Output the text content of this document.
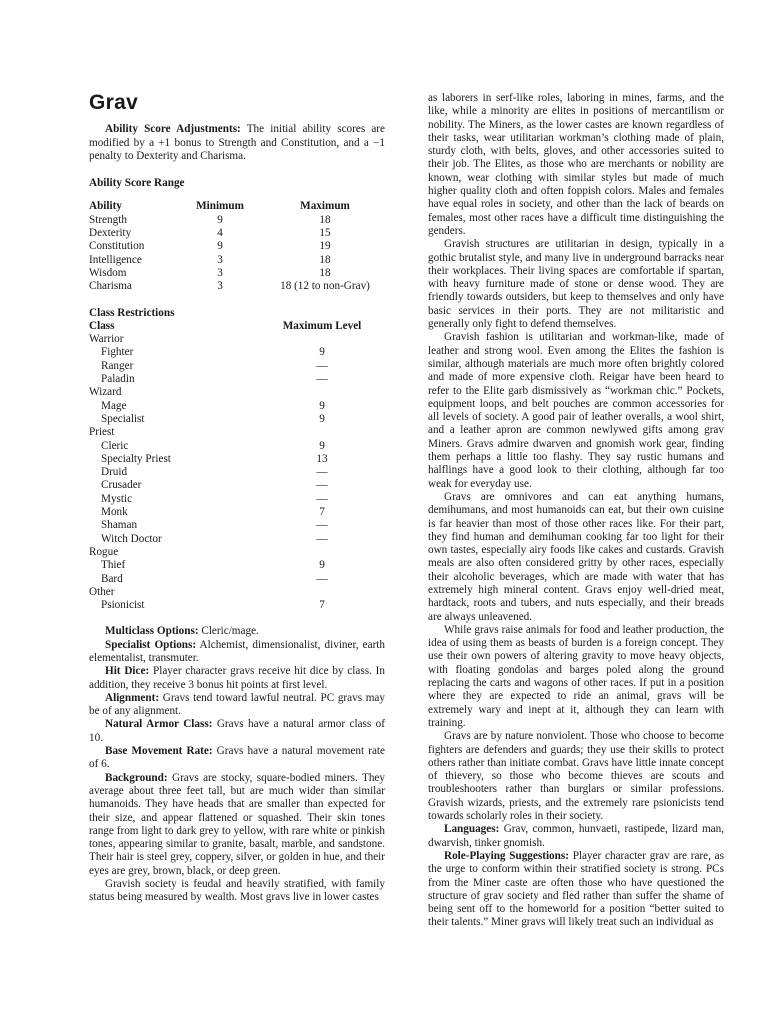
Grav

Ability Score Adjustments: The initial ability scores are modified by a +1 bonus to Strength and Constitution, and a −1 penalty to Dexterity and Charisma.

Ability Score Range
Ability	Minimum	Maximum
Strength	9	18
Dexterity	4	15
Constitution	9	19
Intelligence	3	18
Wisdom	3	18
Charisma	3	18 (12 to non-Grav)
Class Restrictions
Class	Maximum Level
Warrior	
Fighter	9
Ranger	—
Paladin	—
Wizard	
Mage	9
Specialist	9
Priest	
Cleric	9
Specialty Priest	13
Druid	—
Crusader	—
Mystic	—
Monk	7
Shaman	—
Witch Doctor	—
Rogue	
Thief	9
Bard	—
Other	
Psionicist	7

Multiclass Options: Cleric/mage.

Specialist Options: Alchemist, dimensionalist, diviner, earth elementalist, transmuter.

Hit Dice: Player character gravs receive hit dice by class. In addition, they receive 3 bonus hit points at first level.

Alignment: Gravs tend toward lawful neutral. PC gravs may be of any alignment.

Natural Armor Class: Gravs have a natural armor class of 10.

Base Movement Rate: Gravs have a natural movement rate of 6.

Background: Gravs are stocky, square-bodied miners. They average about three feet tall, but are much wider than similar humanoids. They have heads that are smaller than expected for their size, and appear flattened or squashed. Their skin tones range from light to dark grey to yellow, with rare white or pinkish tones, appearing similar to granite, basalt, marble, and sandstone. Their hair is steel grey, coppery, silver, or golden in hue, and their eyes are grey, brown, black, or deep green.

Gravish society is feudal and heavily stratified, with family status being measured by wealth. Most gravs live in lower castes

as laborers in serf-like roles, laboring in mines, farms, and the like, while a minority are elites in positions of mercantilism or nobility. The Miners, as the lower castes are known regardless of their tasks, wear utilitarian workman’s clothing made of plain, sturdy cloth, with belts, gloves, and other accessories suited to their job. The Elites, as those who are merchants or nobility are known, wear clothing with similar styles but made of much higher quality cloth and often foppish colors. Males and females have equal roles in society, and other than the lack of beards on females, most other races have a difficult time distinguishing the genders.

Gravish structures are utilitarian in design, typically in a gothic brutalist style, and many live in underground barracks near their workplaces. Their living spaces are comfortable if spartan, with heavy furniture made of stone or dense wood. They are friendly towards outsiders, but keep to themselves and only have basic services in their ports. They are not militaristic and generally only fight to defend themselves.

Gravish fashion is utilitarian and workman-like, made of leather and strong wool. Even among the Elites the fashion is similar, although materials are much more often brightly colored and made of more expensive cloth. Reigar have been heard to refer to the Elite garb dismissively as “workman chic.” Pockets, equipment loops, and belt pouches are common accessories for all levels of society. A good pair of leather overalls, a wool shirt, and a leather apron are common newlywed gifts among grav Miners. Gravs admire dwarven and gnomish work gear, finding them perhaps a little too flashy. They say rustic humans and halflings have a good look to their clothing, although far too weak for everyday use.

Gravs are omnivores and can eat anything humans, demihumans, and most humanoids can eat, but their own cuisine is far heavier than most of those other races like. For their part, they find human and demihuman cooking far too light for their own tastes, especially airy foods like cakes and custards. Gravish meals are also often considered gritty by other races, especially their alcoholic beverages, which are made with water that has extremely high mineral content. Gravs enjoy well-dried meat, hardtack, roots and tubers, and nuts especially, and their breads are always unleavened.

While gravs raise animals for food and leather production, the idea of using them as beasts of burden is a foreign concept. They use their own powers of altering gravity to move heavy objects, with floating gondolas and barges poled along the ground replacing the carts and wagons of other races. If put in a position where they are expected to ride an animal, gravs will be extremely wary and inept at it, although they can learn with training.

Gravs are by nature nonviolent. Those who choose to become fighters are defenders and guards; they use their skills to protect others rather than initiate combat. Gravs have little innate concept of thievery, so those who become thieves are scouts and troubleshooters rather than burglars or similar professions. Gravish wizards, priests, and the extremely rare psionicists tend towards scholarly roles in their society.

Languages: Grav, common, hunvaeti, rastipede, lizard man, dwarvish, tinker gnomish.

Role-Playing Suggestions: Player character grav are rare, as the urge to conform within their stratified society is strong. PCs from the Miner caste are often those who have questioned the structure of grav society and fled rather than suffer the shame of being sent off to the homeworld for a position “better suited to their talents.” Miner gravs will likely treat such an individual as
